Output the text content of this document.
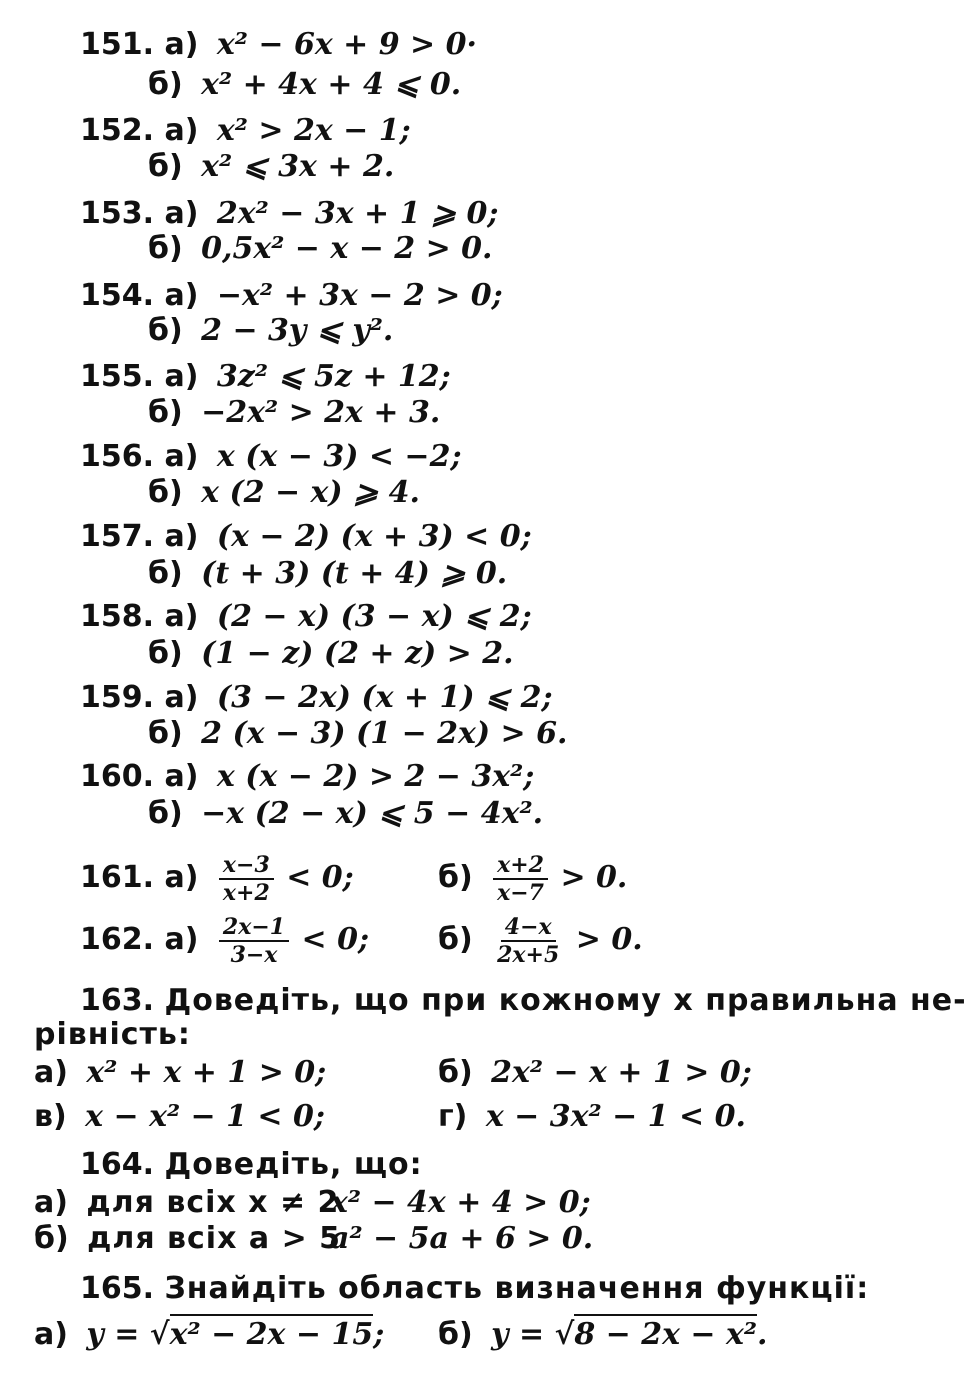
151. а) x² − 6x + 9 > 0·
б) x² + 4x + 4 ⩽ 0.
152. а) x² > 2x − 1;
б) x² ⩽ 3x + 2.
153. а) 2x² − 3x + 1 ⩾ 0;
б) 0,5x² − x − 2 > 0.
154. а) −x² + 3x − 2 > 0;
б) 2 − 3y ⩽ y².
155. а) 3z² ⩽ 5z + 12;
б) −2x² > 2x + 3.
156. а) x (x − 3) < −2;
б) x (2 − x) ⩾ 4.
157. а) (x − 2) (x + 3) < 0;
б) (t + 3) (t + 4) ⩾ 0.
158. а) (2 − x) (3 − x) ⩽ 2;
б) (1 − z) (2 + z) > 2.
159. а) (3 − 2x) (x + 1) ⩽ 2;
б) 2 (x − 3) (1 − 2x) > 6.
160. а) x (x − 2) > 2 − 3x²;
б) −x (2 − x) ⩽ 5 − 4x².
161. $а) \frac{x-3}{x+2} < 0$;	$б) \frac{x+2}{x-7} > 0$.
162. $а) \frac{2x-1}{3-x} < 0$; $б) \frac{4-x}{2x+5} > 0$.
163. Доведіть, що при кожному x правильна не-
рівність:
а) x² + x + 1 > 0;	б) 2x² − x + 1 > 0;
в) x − x² − 1 < 0;	г) x − 3x² − 1 < 0.
164. Доведіть, що:
а) для всіх x ≠ 2
x² − 4x + 4 > 0;
б) для всіх a > 5
a² − 5a + 6 > 0.
165. Знайдіть область визначення функції:
а) y = √x² − 2x − 15; б) y = √8 − 2x − x².
